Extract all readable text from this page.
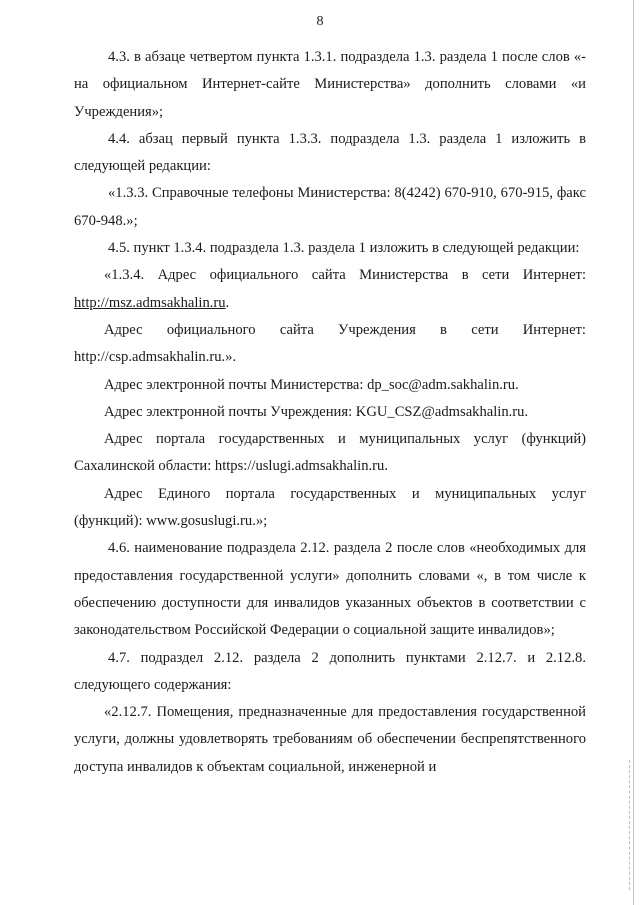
8

4.3. в абзаце четвертом пункта 1.3.1. подраздела 1.3. раздела 1 после слов «- на официальном Интернет-сайте Министерства» дополнить словами «и Учреждения»;

4.4. абзац первый пункта 1.3.3. подраздела 1.3. раздела 1 изложить в следующей редакции:

«1.3.3. Справочные телефоны Министерства: 8(4242) 670-910, 670-915, факс 670-948.»;

4.5. пункт 1.3.4. подраздела 1.3. раздела 1 изложить в следующей редакции:

«1.3.4. Адрес официального сайта Министерства в сети Интернет:
http://msz.admsakhalin.ru.

Адрес официального сайта Учреждения в сети Интернет: http://csp.admsakhalin.ru.».

Адрес электронной почты Министерства: dp_soc@adm.sakhalin.ru.

Адрес электронной почты Учреждения: KGU_CSZ@admsakhalin.ru.

Адрес портала государственных и муниципальных услуг (функций) Сахалинской области: https://uslugi.admsakhalin.ru.

Адрес Единого портала государственных и муниципальных услуг (функций): www.gosuslugi.ru.»;

4.6. наименование подраздела 2.12. раздела 2 после слов «необходимых для предоставления государственной услуги» дополнить словами «, в том числе к обеспечению доступности для инвалидов указанных объектов в соответствии с законодательством Российской Федерации о социальной защите инвалидов»;

4.7. подраздел 2.12. раздела 2 дополнить пунктами 2.12.7. и 2.12.8. следующего содержания:

«2.12.7. Помещения, предназначенные для предоставления государственной услуги, должны удовлетворять требованиям об обеспечении беспрепятственного доступа инвалидов к объектам социальной, инженерной и
